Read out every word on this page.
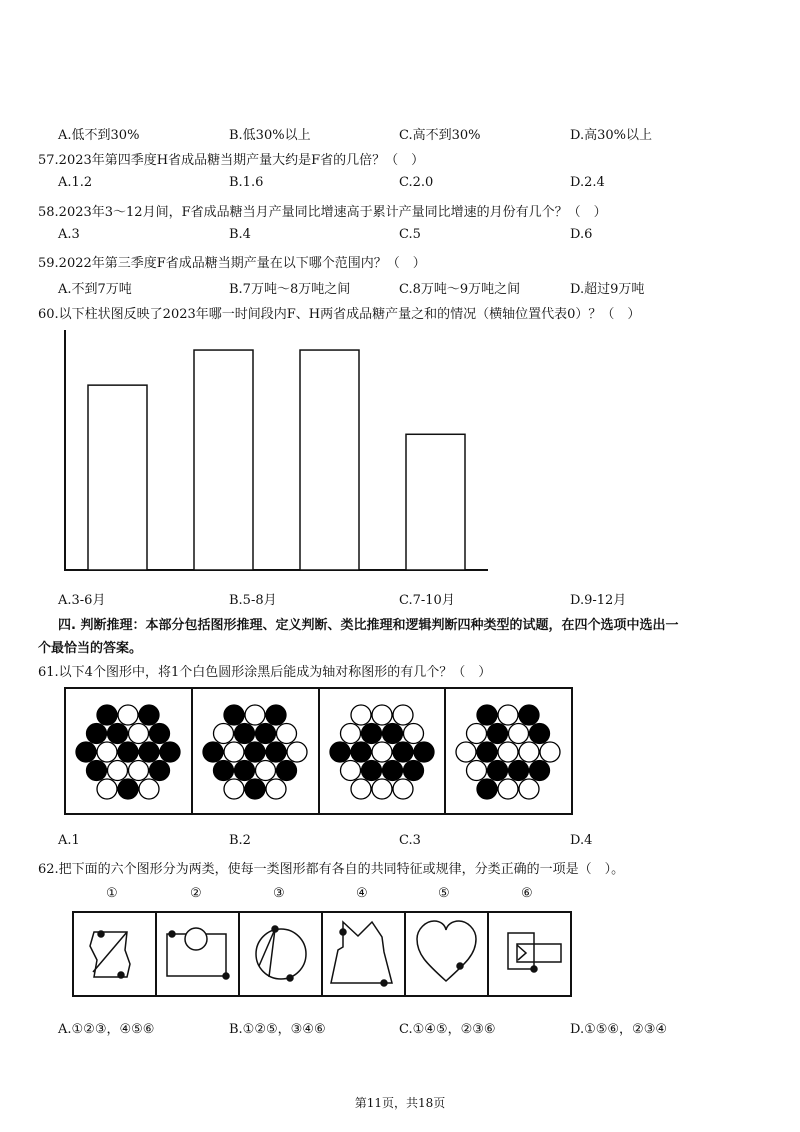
A.低不到30%	B.低30%以上	C.高不到30%	D.高30%以上
57.2023年第四季度H省成品糖当期产量大约是F省的几倍？（　）
A.1.2	B.1.6	C.2.0	D.2.4
58.2023年3～12月间，F省成品糖当月产量同比增速高于累计产量同比增速的月份有几个？（　）
A.3	B.4	C.5	D.6
59.2022年第三季度F省成品糖当期产量在以下哪个范围内？（　）
A.不到7万吨	B.7万吨～8万吨之间	C.8万吨～9万吨之间	D.超过9万吨
60.以下柱状图反映了2023年哪一时间段内F、H两省成品糖产量之和的情况（横轴位置代表0）？（　）
A.3-6月	B.5-8月	C.7-10月	D.9-12月
四. 判断推理：本部分包括图形推理、定义判断、类比推理和逻辑判断四种类型的试题，在四个选项中选出一
个最恰当的答案。
61.以下4个图形中，将1个白色圆形涂黑后能成为轴对称图形的有几个？（　）
A.1	B.2	C.3	D.4
62.把下面的六个图形分为两类，使每一类图形都有各自的共同特征或规律，分类正确的一项是（　）。
①	②	③	④	⑤	⑥
A.①②③，④⑤⑥	B.①②⑤，③④⑥	C.①④⑤，②③⑥	D.①⑤⑥，②③④
第11页，共18页
